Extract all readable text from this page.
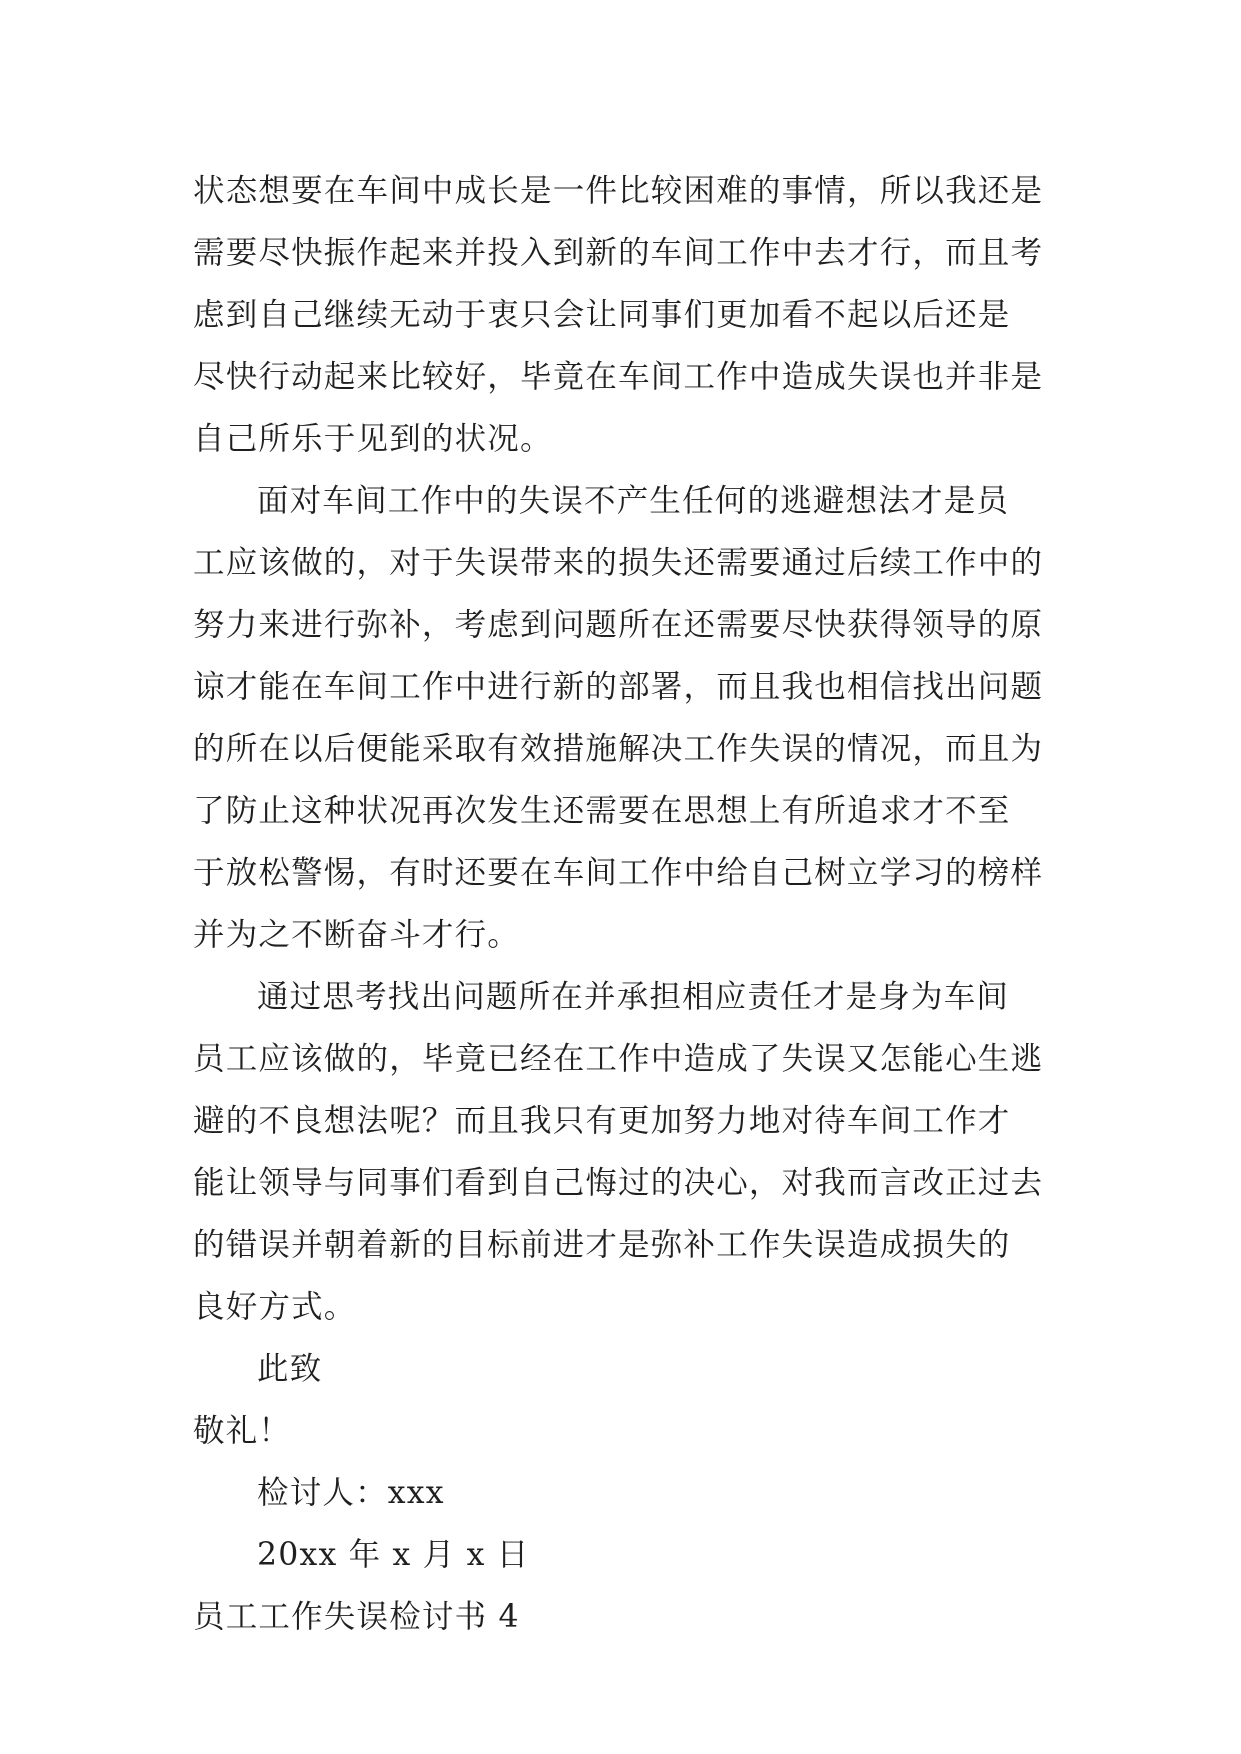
状态想要在车间中成长是一件比较困难的事情，所以我还是
需要尽快振作起来并投入到新的车间工作中去才行，而且考
虑到自己继续无动于衷只会让同事们更加看不起以后还是
尽快行动起来比较好，毕竟在车间工作中造成失误也并非是
自己所乐于见到的状况。
面对车间工作中的失误不产生任何的逃避想法才是员
工应该做的，对于失误带来的损失还需要通过后续工作中的
努力来进行弥补，考虑到问题所在还需要尽快获得领导的原
谅才能在车间工作中进行新的部署，而且我也相信找出问题
的所在以后便能采取有效措施解决工作失误的情况，而且为
了防止这种状况再次发生还需要在思想上有所追求才不至
于放松警惕，有时还要在车间工作中给自己树立学习的榜样
并为之不断奋斗才行。
通过思考找出问题所在并承担相应责任才是身为车间
员工应该做的，毕竟已经在工作中造成了失误又怎能心生逃
避的不良想法呢？而且我只有更加努力地对待车间工作才
能让领导与同事们看到自己悔过的决心，对我而言改正过去
的错误并朝着新的目标前进才是弥补工作失误造成损失的
良好方式。
此致
敬礼！
检讨人：xxx
20xx 年 x 月 x 日
员工工作失误检讨书 4
